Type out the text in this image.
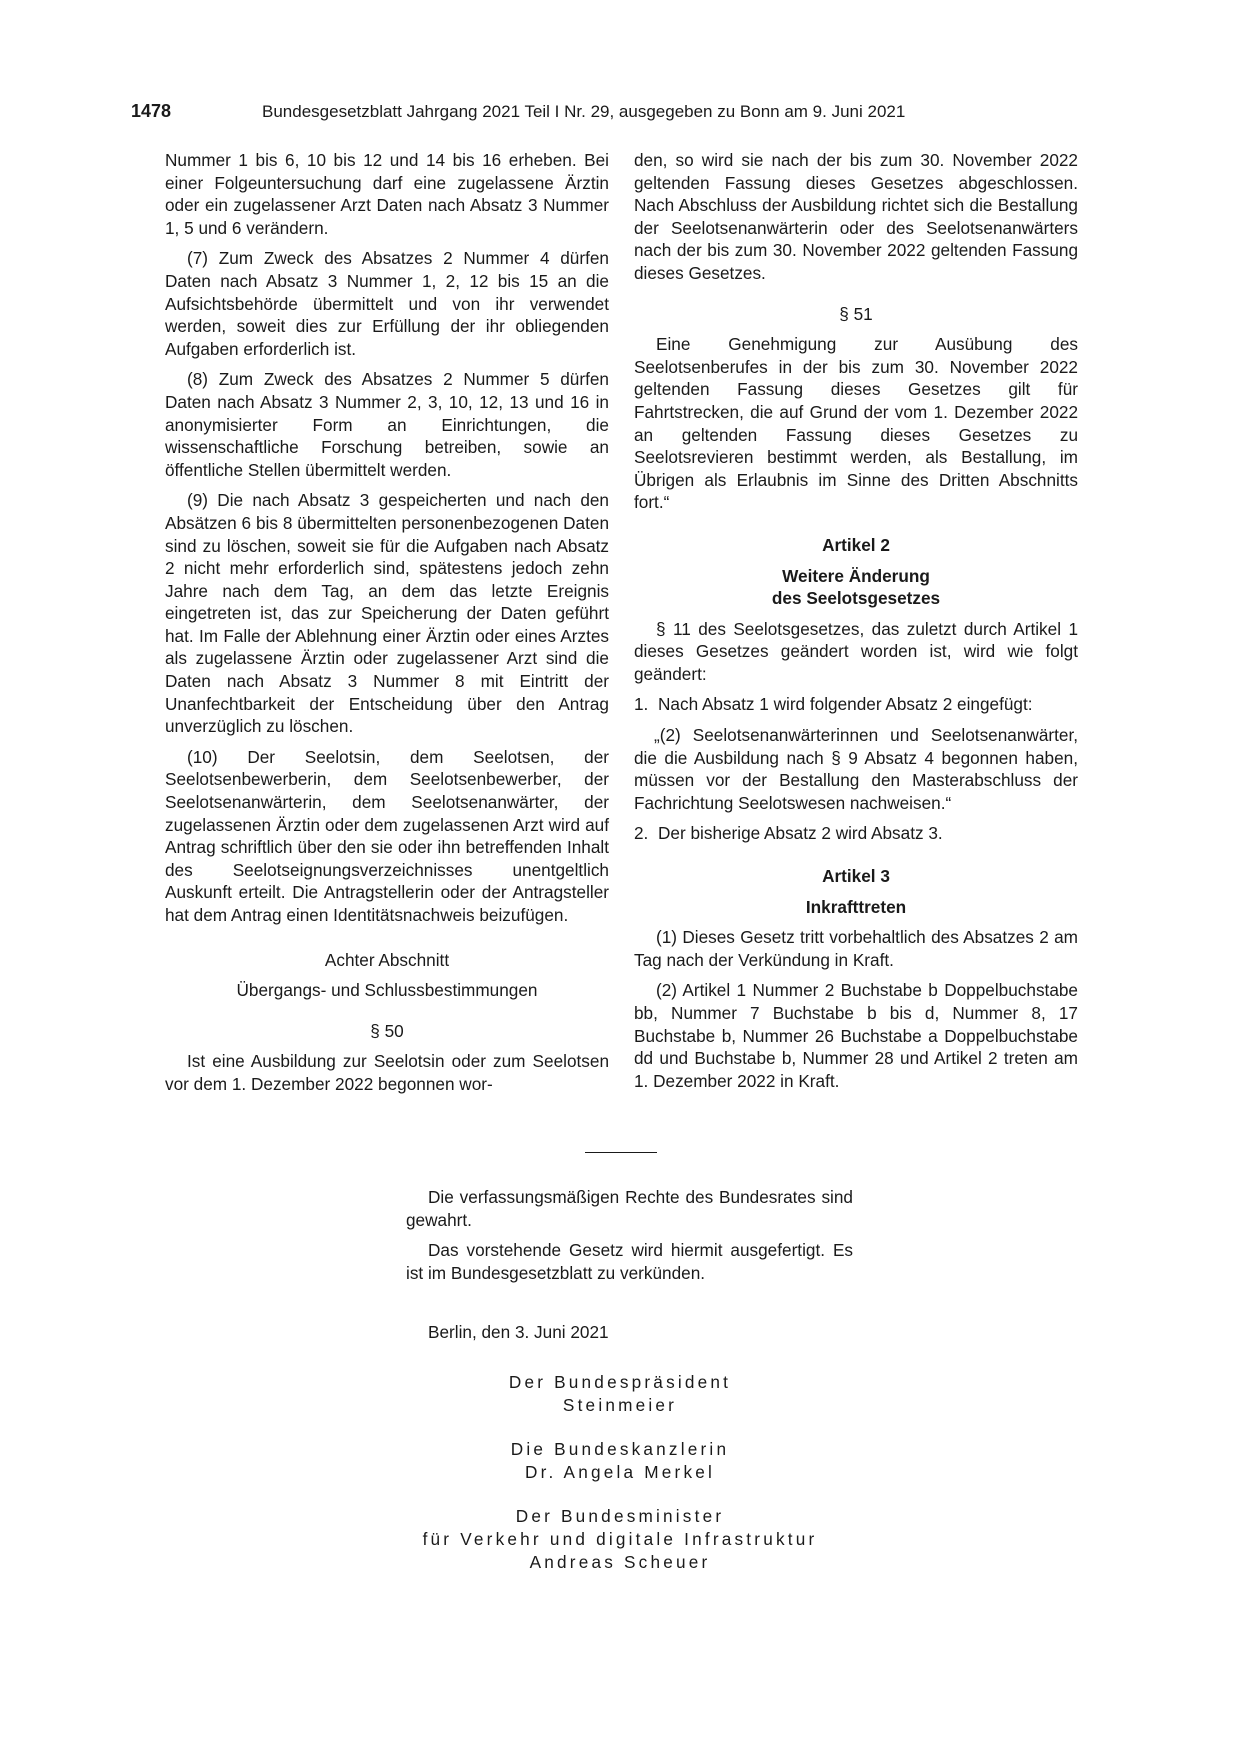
1478	Bundesgesetzblatt Jahrgang 2021 Teil I Nr. 29, ausgegeben zu Bonn am 9. Juni 2021

Nummer 1 bis 6, 10 bis 12 und 14 bis 16 erheben. Bei einer Folgeuntersuchung darf eine zugelassene Ärztin oder ein zugelassener Arzt Daten nach Absatz 3 Nummer 1, 5 und 6 verändern.

(7) Zum Zweck des Absatzes 2 Nummer 4 dürfen Daten nach Absatz 3 Nummer 1, 2, 12 bis 15 an die Aufsichtsbehörde übermittelt und von ihr verwendet werden, soweit dies zur Erfüllung der ihr obliegenden Aufgaben erforderlich ist.

(8) Zum Zweck des Absatzes 2 Nummer 5 dürfen Daten nach Absatz 3 Nummer 2, 3, 10, 12, 13 und 16 in anonymisierter Form an Einrichtungen, die wissenschaftliche Forschung betreiben, sowie an öffentliche Stellen übermittelt werden.

(9) Die nach Absatz 3 gespeicherten und nach den Absätzen 6 bis 8 übermittelten personenbezogenen Daten sind zu löschen, soweit sie für die Aufgaben nach Absatz 2 nicht mehr erforderlich sind, spätestens jedoch zehn Jahre nach dem Tag, an dem das letzte Ereignis eingetreten ist, das zur Speicherung der Daten geführt hat. Im Falle der Ablehnung einer Ärztin oder eines Arztes als zugelassene Ärztin oder zugelassener Arzt sind die Daten nach Absatz 3 Nummer 8 mit Eintritt der Unanfechtbarkeit der Entscheidung über den Antrag unverzüglich zu löschen.

(10) Der Seelotsin, dem Seelotsen, der Seelotsenbewerberin, dem Seelotsenbewerber, der Seelotsenanwärterin, dem Seelotsenanwärter, der zugelassenen Ärztin oder dem zugelassenen Arzt wird auf Antrag schriftlich über den sie oder ihn betreffenden Inhalt des Seelotseignungsverzeichnisses unentgeltlich Auskunft erteilt. Die Antragstellerin oder der Antragsteller hat dem Antrag einen Identitätsnachweis beizufügen.

Achter Abschnitt

Übergangs- und Schlussbestimmungen

§ 50

Ist eine Ausbildung zur Seelotsin oder zum Seelotsen vor dem 1. Dezember 2022 begonnen wor-

den, so wird sie nach der bis zum 30. November 2022 geltenden Fassung dieses Gesetzes abgeschlossen. Nach Abschluss der Ausbildung richtet sich die Bestallung der Seelotsenanwärterin oder des Seelotsenanwärters nach der bis zum 30. November 2022 geltenden Fassung dieses Gesetzes.

§ 51

Eine Genehmigung zur Ausübung des Seelotsenberufes in der bis zum 30. November 2022 geltenden Fassung dieses Gesetzes gilt für Fahrtstrecken, die auf Grund der vom 1. Dezember 2022 an geltenden Fassung dieses Gesetzes zu Seelotsrevieren bestimmt werden, als Bestallung, im Übrigen als Erlaubnis im Sinne des Dritten Abschnitts fort.“

Artikel 2

Weitere Änderung

des Seelotsgesetzes

§ 11 des Seelotsgesetzes, das zuletzt durch Artikel 1 dieses Gesetzes geändert worden ist, wird wie folgt geändert:

1. Nach Absatz 1 wird folgender Absatz 2 eingefügt:

„(2) Seelotsenanwärterinnen und Seelotsenanwärter, die die Ausbildung nach § 9 Absatz 4 begonnen haben, müssen vor der Bestallung den Masterabschluss der Fachrichtung Seelotswesen nachweisen.“

2. Der bisherige Absatz 2 wird Absatz 3.

Artikel 3

Inkrafttreten

(1) Dieses Gesetz tritt vorbehaltlich des Absatzes 2 am Tag nach der Verkündung in Kraft.

(2) Artikel 1 Nummer 2 Buchstabe b Doppelbuchstabe bb, Nummer 7 Buchstabe b bis d, Nummer 8, 17 Buchstabe b, Nummer 26 Buchstabe a Doppelbuchstabe dd und Buchstabe b, Nummer 28 und Artikel 2 treten am 1. Dezember 2022 in Kraft.

Die verfassungsmäßigen Rechte des Bundesrates sind gewahrt.

Das vorstehende Gesetz wird hiermit ausgefertigt. Es ist im Bundesgesetzblatt zu verkünden.

Berlin, den 3. Juni 2021
Der Bundespräsident
Steinmeier
Die Bundeskanzlerin
Dr. Angela Merkel
Der Bundesminister
für Verkehr und digitale Infrastruktur
Andreas Scheuer
